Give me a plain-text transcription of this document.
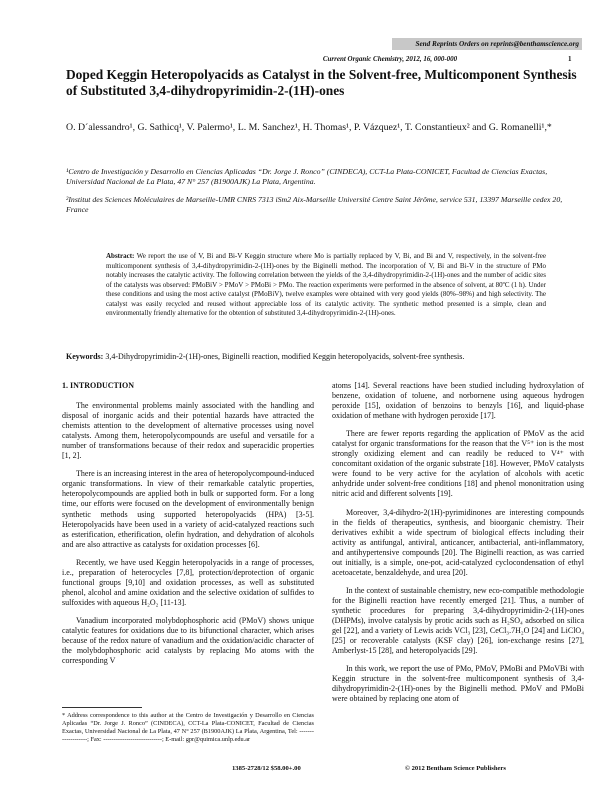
Send Reprints Orders on reprints@benthamscience.org
Current Organic Chemistry, 2012, 16, 000-000	1
Doped Keggin Heteropolyacids as Catalyst in the Solvent-free, Multicomponent Synthesis of Substituted 3,4-dihydropyrimidin-2-(1H)-ones
O. D´alessandro¹, G. Sathicq¹, V. Palermo¹, L. M. Sanchez¹, H. Thomas¹, P. Vázquez¹, T. Constantieux² and G. Romanelli¹,*
¹Centro de Investigación y Desarrollo en Ciencias Aplicadas “Dr. Jorge J. Ronco” (CINDECA), CCT-La Plata-CONICET, Facultad de Ciencias Exactas, Universidad Nacional de La Plata, 47 N° 257 (B1900AJK) La Plata, Argentina.
²Institut des Sciences Moléculaires de Marseille-UMR CNRS 7313 iSm2 Aix-Marseille Université Centre Saint Jérôme, service 531, 13397 Marseille cedex 20, France
Abstract: We report the use of V, Bi and Bi-V Keggin structure where Mo is partially replaced by V, Bi, and Bi and V, respectively, in the solvent-free multicomponent synthesis of 3,4-dihydropyrimidin-2-(1H)-ones by the Biginelli method. The incorporation of V, Bi and Bi-V in the structure of PMo notably increases the catalytic activity. The following correlation between the yields of the 3,4-dihydropyrimidin-2-(1H)-ones and the number of acidic sites of the catalysts was observed: PMoBiV > PMoV > PMoBi > PMo. The reaction experiments were performed in the absence of solvent, at 80ºC (1 h). Under these conditions and using the most active catalyst (PMoBiV), twelve examples were obtained with very good yields (80%–98%) and high selectivity. The catalyst was easily recycled and reused without appreciable loss of its catalytic activity. The synthetic method presented is a simple, clean and environmentally friendly alternative for the obtention of substituted 3,4-dihydropyrimidin-2-(1H)-ones.
Keywords: 3,4-Dihydropyrimidin-2-(1H)-ones, Biginelli reaction, modified Keggin heteropolyacids, solvent-free synthesis.
1. INTRODUCTION

The environmental problems mainly associated with the handling and disposal of inorganic acids and their potential hazards have attracted the chemists attention to the development of alternative processes using novel catalysts. Among them, heteropolycompounds are useful and versatile for a number of transformations because of their redox and superacidic properties [1, 2].

There is an increasing interest in the area of heteropolycompound-induced organic transformations. In view of their remarkable catalytic properties, heteropolycompounds are applied both in bulk or supported form. For a long time, our efforts were focused on the development of environmentally benign synthetic methods using supported heteropolyacids (HPA) [3-5]. Heteropolyacids have been used in a variety of acid-catalyzed reactions such as esterification, etherification, olefin hydration, and dehydration of alcohols and are also attractive as catalysts for oxidation processes [6].

Recently, we have used Keggin heteropolyacids in a range of processes, i.e., preparation of heterocycles [7,8], protection/deprotection of organic functional groups [9,10] and oxidation processes, as well as substituted phenol, alcohol and amine oxidation and the selective oxidation of sulfides to sulfoxides with aqueous H₂O₂ [11-13].

Vanadium incorporated molybdophosphoric acid (PMoV) shows unique catalytic features for oxidations due to its bifunctional character, which arises because of the redox nature of vanadium and the oxidation/acidic character of the molybdophosphoric acid catalysts by replacing Mo atoms with the corresponding V

atoms [14]. Several reactions have been studied including hydroxylation of benzene, oxidation of toluene, and norbornene using aqueous hydrogen peroxide [15], oxidation of benzoins to benzyls [16], and liquid-phase oxidation of methane with hydrogen peroxide [17].

There are fewer reports regarding the application of PMoV as the acid catalyst for organic transformations for the reason that the V⁵⁺ ion is the most strongly oxidizing element and can readily be reduced to V⁴⁺ with concomitant oxidation of the organic substrate [18]. However, PMoV catalysts were found to be very active for the acylation of alcohols with acetic anhydride under solvent-free conditions [18] and phenol mononitration using nitric acid and different solvents [19].

Moreover, 3,4-dihydro-2(1H)-pyrimidinones are interesting compounds in the fields of therapeutics, synthesis, and bioorganic chemistry. Their derivatives exhibit a wide spectrum of biological effects including their activity as antifungal, antiviral, anticancer, antibacterial, anti-inflammatory, and antihypertensive compounds [20]. The Biginelli reaction, as was carried out initially, is a simple, one-pot, acid-catalyzed cyclocondensation of ethyl acetoacetate, benzaldehyde, and urea [20].

In the context of sustainable chemistry, new eco-compatible methodologie for the Biginelli reaction have recently emerged [21]. Thus, a number of synthetic procedures for preparing 3,4-dihydropyrimidin-2-(1H)-ones (DHPMs), involve catalysis by protic acids such as H₂SO₄ adsorbed on silica gel [22], and a variety of Lewis acids VCl₃ [23], CeCl₃.7H₂O [24] and LiClO₄ [25] or recoverable catalysts (KSF clay) [26], ion-exchange resins [27], Amberlyst-15 [28], and heteropolyacids [29].

In this work, we report the use of PMo, PMoV, PMoBi and PMoVBi with Keggin structure in the solvent-free multicomponent synthesis of 3,4-dihydropyrimidin-2-(1H)-ones by the Biginelli method. PMoV and PMoBi were obtained by replacing one atom of

* Address correspondence to this author at the Centro de Investigación y Desarrollo en Ciencias Aplicadas “Dr. Jorge J. Ronco” (CINDECA), CCT-La Plata-CONICET, Facultad de Ciencias Exactas, Universidad Nacional de La Plata, 47 N° 257 (B1900AJK) La Plata, Argentina, Tel: -------------------; Fax: ----------------------------; E-mail: gpr@quimica.unlp.edu.ar
1385-2728/12 $58.00+.00	© 2012 Bentham Science Publishers
